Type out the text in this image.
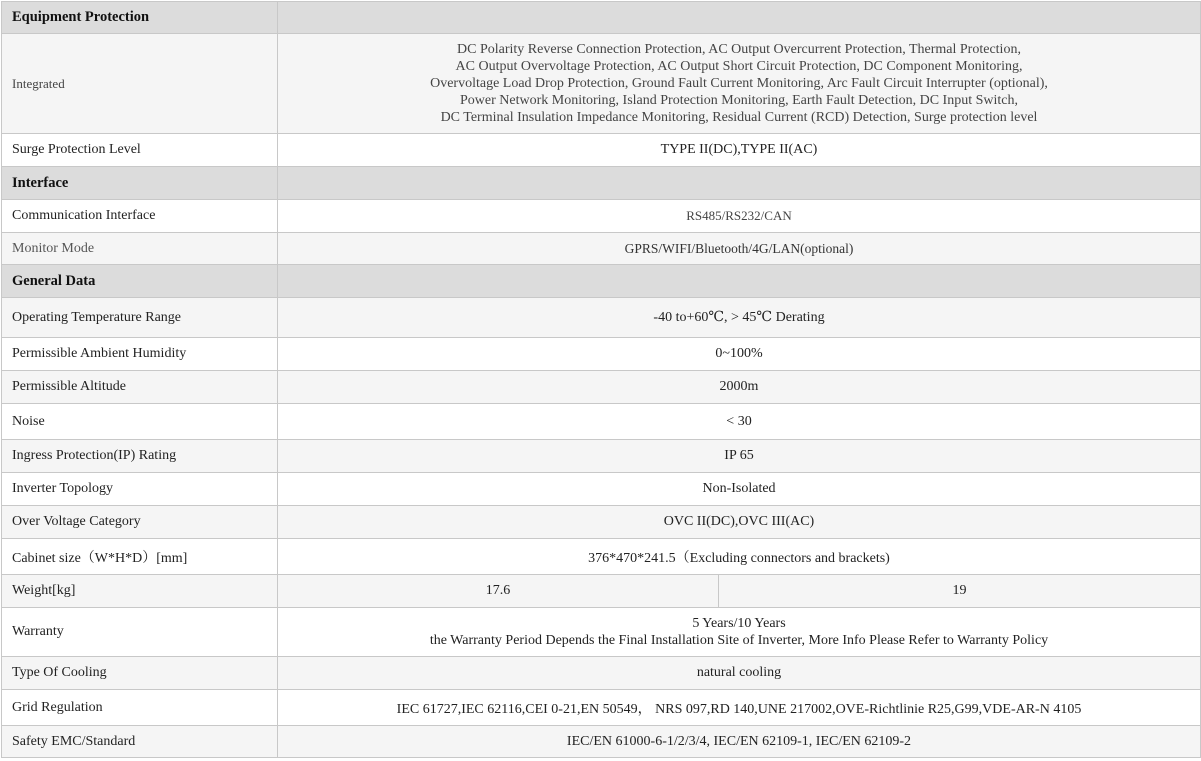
Equipment Protection		
Integrated	DC Polarity Reverse Connection Protection, AC Output Overcurrent Protection, Thermal Protection,
AC Output Overvoltage Protection, AC Output Short Circuit Protection, DC Component Monitoring,
Overvoltage Load Drop Protection, Ground Fault Current Monitoring, Arc Fault Circuit Interrupter (optional),
Power Network Monitoring, Island Protection Monitoring, Earth Fault Detection, DC Input Switch,
DC Terminal Insulation Impedance Monitoring, Residual Current (RCD) Detection, Surge protection level	

Surge Protection Level	TYPE II(DC),TYPE II(AC)	
Interface		
Communication Interface	RS485/RS232/CAN	
Monitor Mode	GPRS/WIFI/Bluetooth/4G/LAN(optional)	
General Data		
Operating Temperature Range	-40 to+60℃, > 45℃ Derating	
Permissible Ambient Humidity	0~100%	
Permissible Altitude	2000m	
Noise	< 30	
Ingress Protection(IP) Rating	IP 65	
Inverter Topology	Non-Isolated	
Over Voltage Category	OVC II(DC),OVC III(AC)	
Cabinet size（W*H*D）[mm]	376*470*241.5（Excluding connectors and brackets)	
Weight[kg]	17.6	19
Warranty	5 Years/10 Years
the Warranty Period Depends the Final Installation Site of Inverter, More Info Please Refer to Warranty Policy	

Type Of Cooling	natural cooling	
Grid Regulation	IEC 61727,IEC 62116,CEI 0-21,EN 50549， NRS 097,RD 140,UNE 217002,OVE-Richtlinie R25,G99,VDE-AR-N 4105	
Safety EMC/Standard	IEC/EN 61000-6-1/2/3/4, IEC/EN 62109-1, IEC/EN 62109-2	
